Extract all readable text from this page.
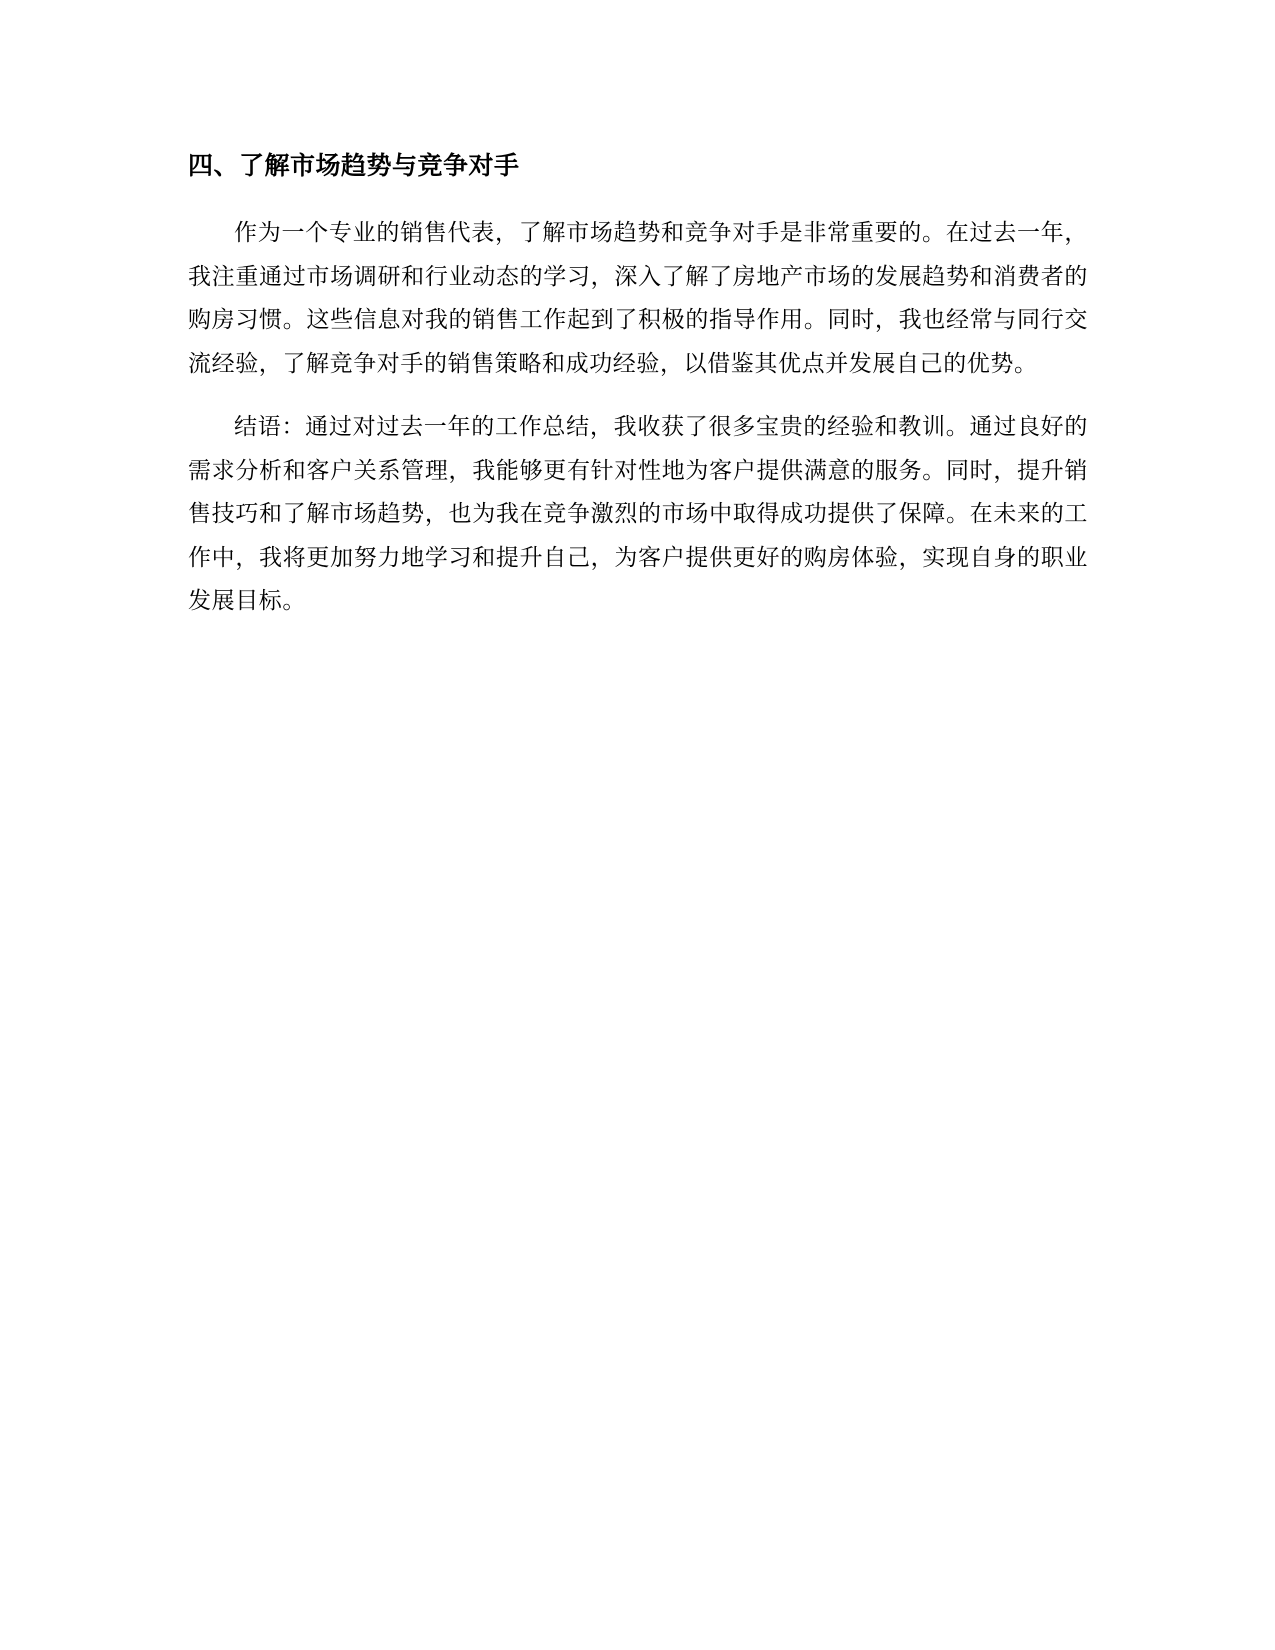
四、了解市场趋势与竞争对手

作为一个专业的销售代表，了解市场趋势和竞争对手是非常重要的。在过去一年，我注重通过市场调研和行业动态的学习，深入了解了房地产市场的发展趋势和消费者的购房习惯。这些信息对我的销售工作起到了积极的指导作用。同时，我也经常与同行交流经验，了解竞争对手的销售策略和成功经验，以借鉴其优点并发展自己的优势。

结语：通过对过去一年的工作总结，我收获了很多宝贵的经验和教训。通过良好的需求分析和客户关系管理，我能够更有针对性地为客户提供满意的服务。同时，提升销售技巧和了解市场趋势，也为我在竞争激烈的市场中取得成功提供了保障。在未来的工作中，我将更加努力地学习和提升自己，为客户提供更好的购房体验，实现自身的职业发展目标。
